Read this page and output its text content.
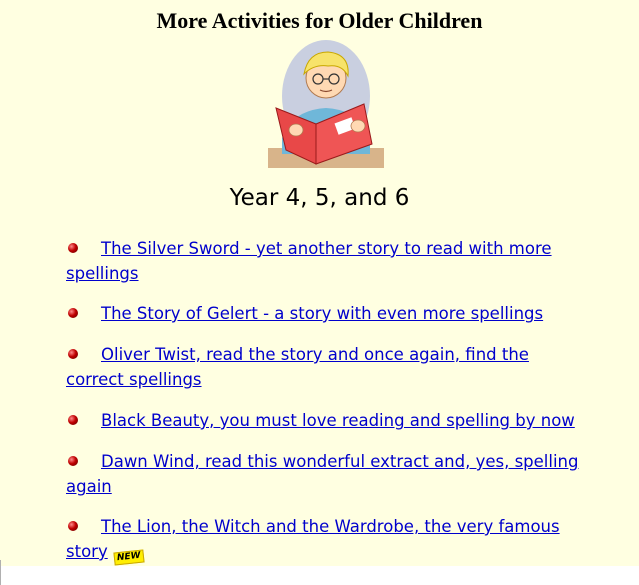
More Activities for Older Children
Year 4, 5, and 6
The Silver Sword - yet another story to read with more spellings
The Story of Gelert - a story with even more spellings
Oliver Twist, read the story and once again, find the correct spellings
Black Beauty, you must love reading and spelling by now
Dawn Wind, read this wonderful extract and, yes, spelling again
The Lion, the Witch and the Wardrobe, the very famous story NEW
